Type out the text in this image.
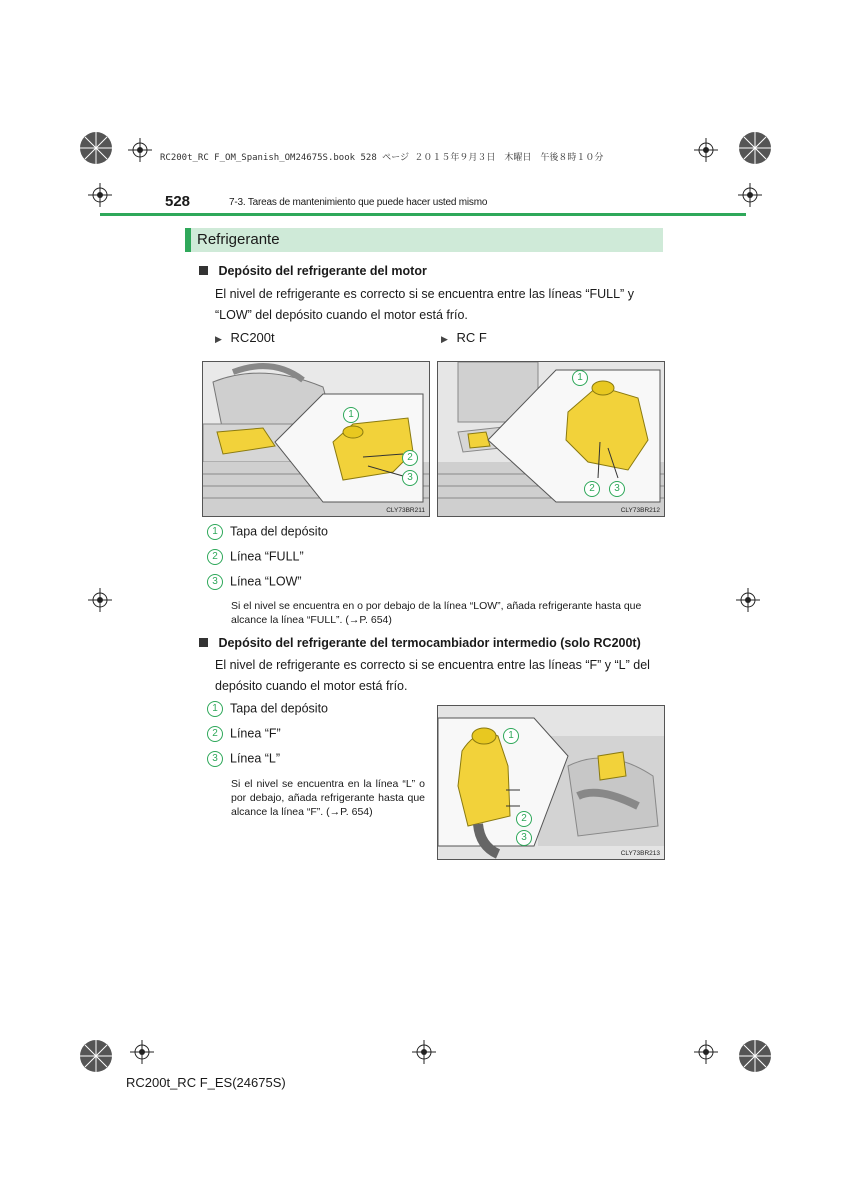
RC200t_RC F_OM_Spanish_OM24675S.book 528 ページ ２０１５年９月３日　木曜日　午後８時１０分
528	7-3. Tareas de mantenimiento que puede hacer usted mismo
Refrigerante
Depósito del refrigerante del motor
El nivel de refrigerante es correcto si se encuentra entre las líneas “FULL” y “LOW” del depósito cuando el motor está frío.
▶ RC200t	▶ RC F
1
2
3
CLY73BR211
1
2	3
CLY73BR212
1 Tapa del depósito
2 Línea “FULL”
3 Línea “LOW”
Si el nivel se encuentra en o por debajo de la línea “LOW”, añada refrigerante hasta que alcance la línea “FULL”. (→P. 654)
Depósito del refrigerante del termocambiador intermedio (solo RC200t)
El nivel de refrigerante es correcto si se encuentra entre las líneas “F” y “L” del depósito cuando el motor está frío.
1 Tapa del depósito
2 Línea “F”
3 Línea “L”
Si el nivel se encuentra en la línea “L” o por debajo, añada refrigerante hasta que alcance la línea “F”. (→P. 654)
1
2
3
CLY73BR213
RC200t_RC F_ES(24675S)
